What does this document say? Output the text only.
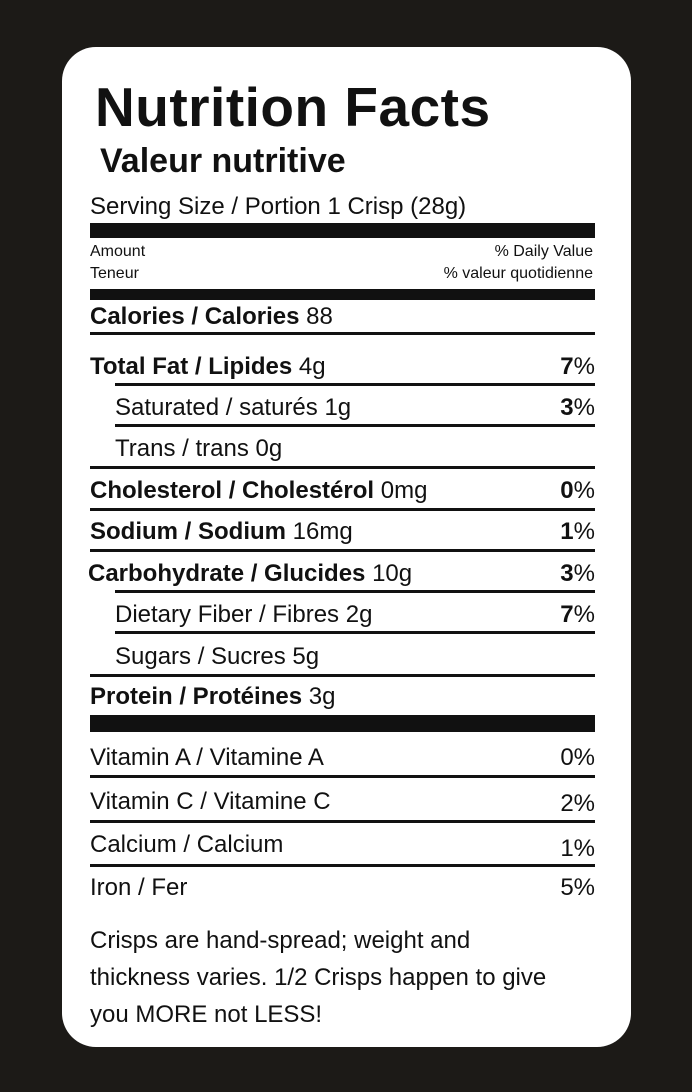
Nutrition Facts
Valeur nutritive
Serving Size / Portion 1 Crisp (28g)
Amount
Teneur
% Daily Value
% valeur quotidienne
Calories / Calories 88
Total Fat / Lipides 4g	7%
Saturated / saturés 1g	3%
Trans / trans 0g
Cholesterol / Cholestérol 0mg	0%
Sodium / Sodium 16mg	1%
Carbohydrate / Glucides 10g	3%
Dietary Fiber / Fibres 2g	7%
Sugars / Sucres 5g
Protein / Protéines 3g
Vitamin A / Vitamine A	0%
Vitamin C / Vitamine C	2%
Calcium / Calcium	1%
Iron / Fer	5%
Crisps are hand-spread; weight and thickness varies. 1/2 Crisps happen to give you MORE not LESS!
